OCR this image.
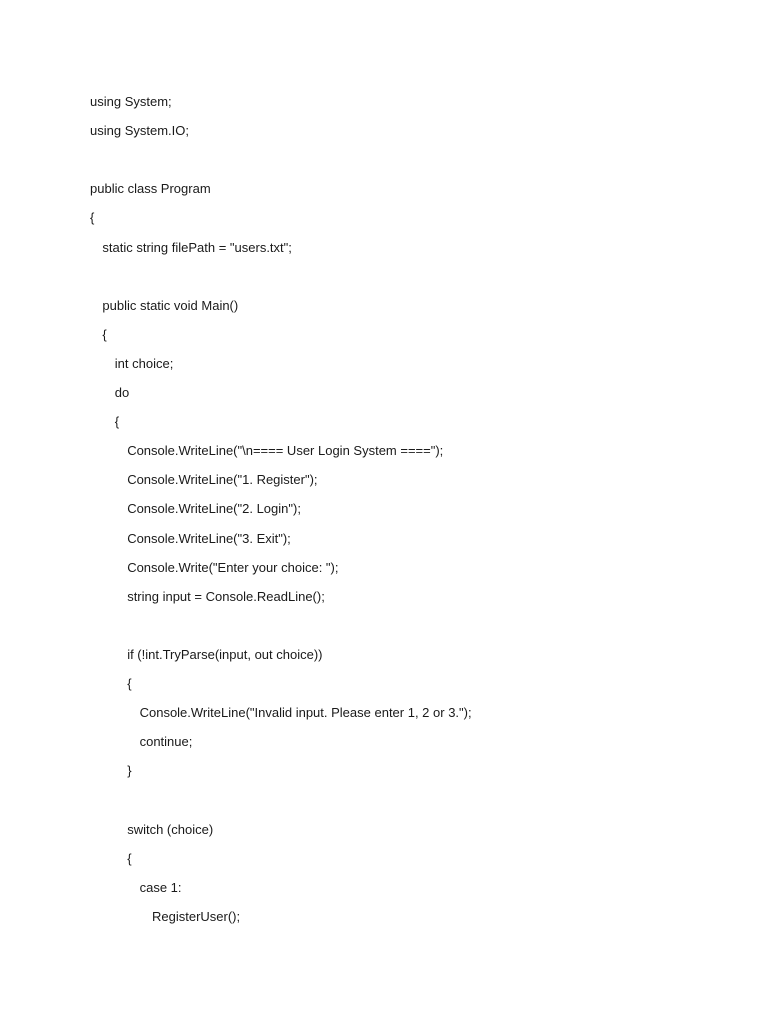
using System;
using System.IO;
public class Program
{
static string filePath = "users.txt";
public static void Main()
{
int choice;
do
{
Console.WriteLine("\n==== User Login System ====");
Console.WriteLine("1. Register");
Console.WriteLine("2. Login");
Console.WriteLine("3. Exit");
Console.Write("Enter your choice: ");
string input = Console.ReadLine();
if (!int.TryParse(input, out choice))
{
Console.WriteLine("Invalid input. Please enter 1, 2 or 3.");
continue;
}
switch (choice)
{
case 1:
RegisterUser();
